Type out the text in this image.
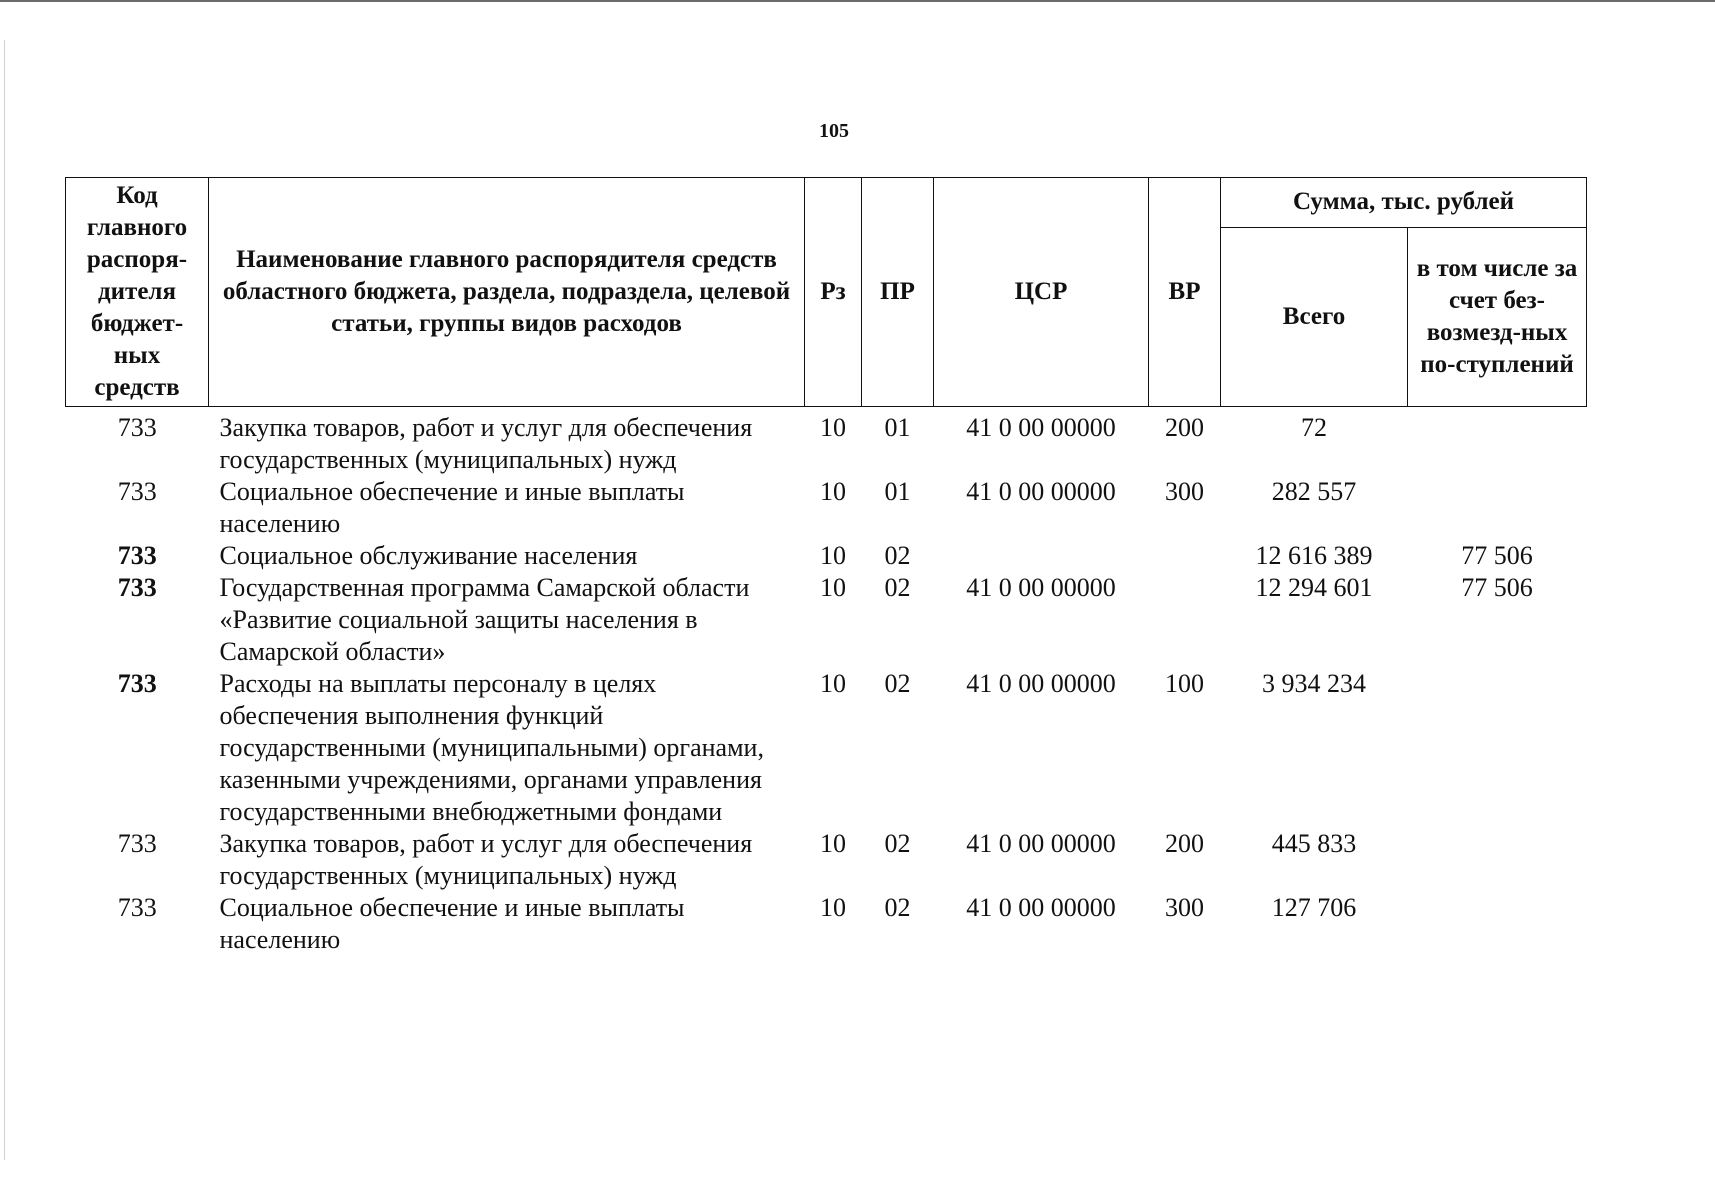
105
Код главного распоря-дителя бюджет-ных средств	Наименование главного распорядителя средств областного бюджета, раздела, подраздела, целевой статьи, группы видов расходов	Рз	ПР	ЦСР	ВР	Сумма, тыс. рублей	
						Всего	в том числе за счет без-возмезд-ных по-ступлений
733	Закупка товаров, работ и услуг для обеспечения государственных (муниципальных) нужд	10	01	41 0 00 00000	200	72	
733	Социальное обеспечение и иные выплаты населению	10	01	41 0 00 00000	300	282 557	
733	Социальное обслуживание населения	10	02			12 616 389	77 506
733	Государственная программа Самарской области «Развитие социальной защиты населения в Самарской области»	10	02	41 0 00 00000		12 294 601	77 506
733	Расходы на выплаты персоналу в целях обеспечения выполнения функций государственными (муниципальными) органами, казенными учреждениями, органами управления государственными внебюджетными фондами	10	02	41 0 00 00000	100	3 934 234	
733	Закупка товаров, работ и услуг для обеспечения государственных (муниципальных) нужд	10	02	41 0 00 00000	200	445 833	
733	Социальное обеспечение и иные выплаты населению	10	02	41 0 00 00000	300	127 706	
